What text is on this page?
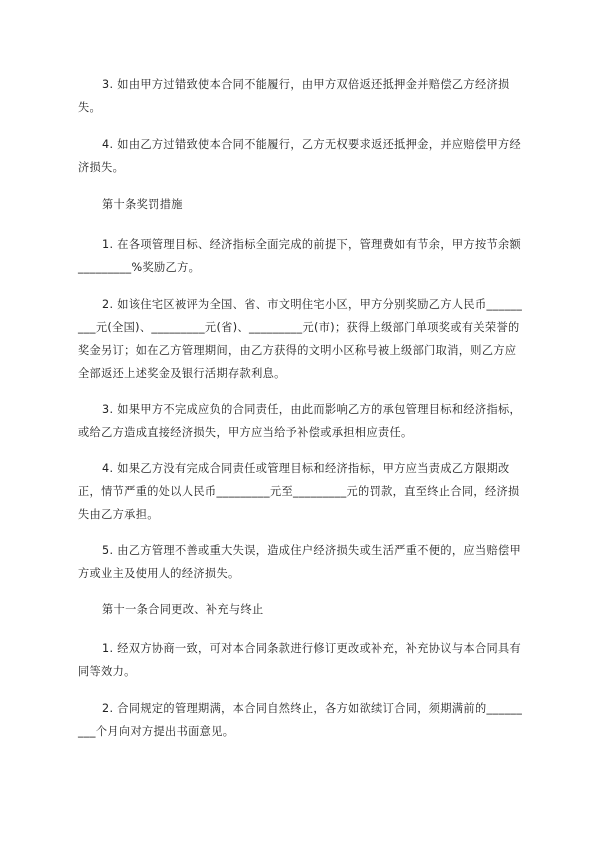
3. 如由甲方过错致使本合同不能履行，由甲方双倍返还抵押金并赔偿乙方经济损失。

4. 如由乙方过错致使本合同不能履行，乙方无权要求返还抵押金，并应赔偿甲方经济损失。

第十条奖罚措施

1. 在各项管理目标、经济指标全面完成的前提下，管理费如有节余，甲方按节余额_________%奖励乙方。

2. 如该住宅区被评为全国、省、市文明住宅小区，甲方分别奖励乙方人民币_________元(全国)、_________元(省)、_________元(市)；获得上级部门单项奖或有关荣誉的奖金另订；如在乙方管理期间，由乙方获得的文明小区称号被上级部门取消，则乙方应全部返还上述奖金及银行活期存款利息。

3. 如果甲方不完成应负的合同责任，由此而影响乙方的承包管理目标和经济指标，或给乙方造成直接经济损失，甲方应当给予补偿或承担相应责任。

4. 如果乙方没有完成合同责任或管理目标和经济指标，甲方应当责成乙方限期改正，情节严重的处以人民币_________元至_________元的罚款，直至终止合同，经济损失由乙方承担。

5. 由乙方管理不善或重大失误，造成住户经济损失或生活严重不便的，应当赔偿甲方或业主及使用人的经济损失。

第十一条合同更改、补充与终止

1. 经双方协商一致，可对本合同条款进行修订更改或补充，补充协议与本合同具有同等效力。

2. 合同规定的管理期满，本合同自然终止，各方如欲续订合同，须期满前的_________个月向对方提出书面意见。
